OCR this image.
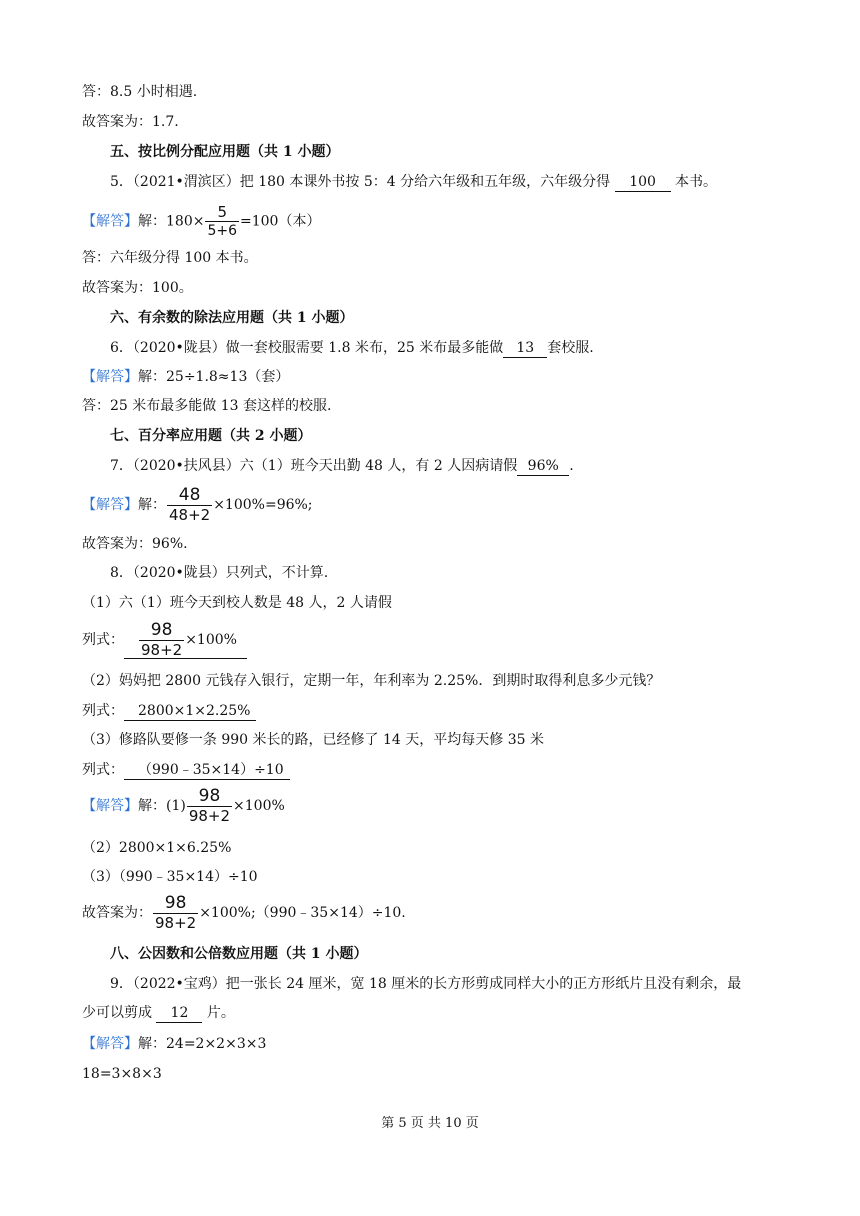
答：8.5 小时相遇.
故答案为：1.7.
五、按比例分配应用题（共 1 小题）
5．（2021•渭滨区）把 180 本课外书按 5：4 分给六年级和五年级，六年级分得 100 本书。
【解答】解：$180\times \frac{5}{5+6} =100$（本）
答：六年级分得 100 本书。
故答案为：100。
六、有余数的除法应用题（共 1 小题）
6．（2020•陇县）做一套校服需要 1.8 米布，25 米布最多能做 13 套校服.
【解答】解：25÷1.8≈13（套）
答：25 米布最多能做 13 套这样的校服.
七、百分率应用题（共 2 小题）
7．（2020•扶风县）六（1）班今天出勤 48 人，有 2 人因病请假 96% .
【解答】解： $\frac{48}{48+2} \times 100\%=96\%$;
故答案为：96%.
8．（2020•陇县）只列式，不计算.
（1）六（1）班今天到校人数是 48 人，2 人请假
列式： $\frac{98}{98+2} \times 100\%$
（2）妈妈把 2800 元钱存入银行，定期一年，年利率为 2.25%．到期时取得利息多少元钱？
列式： 2800×1×2.25%
（3）修路队要修一条 990 米长的路，已经修了 14 天，平均每天修 35 米
列式： （990﹣35×14）÷10
【解答】解：$(1) \frac{98}{98+2} \times 100\%$
（2）2800×1×6.25%
（3）（990﹣35×14）÷10
故答案为： $\frac{98}{98+2}$ ×100%;（990﹣35×14）÷10.
八、公因数和公倍数应用题（共 1 小题）
9．（2022•宝鸡）把一张长 24 厘米，宽 18 厘米的长方形剪成同样大小的正方形纸片且没有剩余，最
少可以剪成 12 片。
【解答】解：24=2×2×3×3
18=3×8×3
第 5 页 共 10 页
